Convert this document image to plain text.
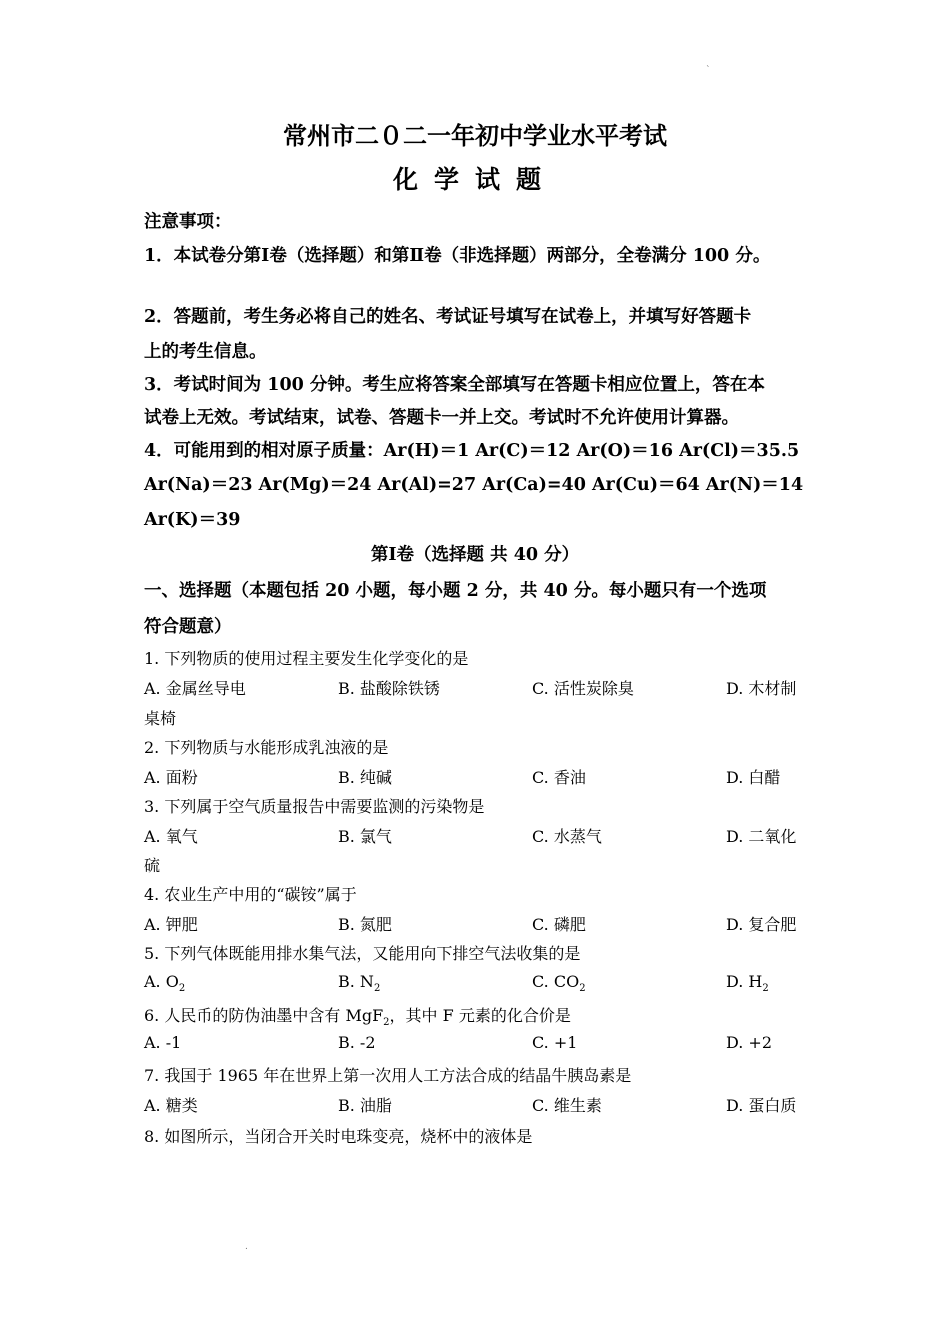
常州市二０二一年初中学业水平考试
化学试题
注意事项：
1．本试卷分第Ⅰ卷（选择题）和第Ⅱ卷（非选择题）两部分，全卷满分 100 分。
2．答题前，考生务必将自己的姓名、考试证号填写在试卷上，并填写好答题卡
上的考生信息。
3．考试时间为 100 分钟。考生应将答案全部填写在答题卡相应位置上，答在本
试卷上无效。考试结束，试卷、答题卡一并上交。考试时不允许使用计算器。
4．可能用到的相对原子质量：Ar(H)＝1 Ar(C)＝12 Ar(O)＝16 Ar(Cl)＝35.5
Ar(Na)＝23 Ar(Mg)＝24 Ar(Al)=27 Ar(Ca)=40 Ar(Cu)＝64 Ar(N)＝14
Ar(K)＝39
第Ⅰ卷（选择题 共 40 分）
一、选择题（本题包括 20 小题，每小题 2 分，共 40 分。每小题只有一个选项
符合题意）
1. 下列物质的使用过程主要发生化学变化的是
A. 金属丝导电	B. 盐酸除铁锈	C. 活性炭除臭	D. 木材制
桌椅
2. 下列物质与水能形成乳浊液的是
A. 面粉	B. 纯碱	C. 香油	D. 白醋
3. 下列属于空气质量报告中需要监测的污染物是
A. 氧气	B. 氯气	C. 水蒸气	D. 二氧化
硫
4. 农业生产中用的“碳铵”属于
A. 钾肥	B. 氮肥	C. 磷肥	D. 复合肥
5. 下列气体既能用排水集气法，又能用向下排空气法收集的是
A. $O_2$	B. $N_2$	C. $CO_2$	D. $H_2$
6. 人民币的防伪油墨中含有 MgF$_2$，其中 F 元素的化合价是
A. -1	B. -2	C. +1	D. +2
7. 我国于 1965 年在世界上第一次用人工方法合成的结晶牛胰岛素是
A. 糖类	B. 油脂	C. 维生素	D. 蛋白质
8. 如图所示，当闭合开关时电珠变亮，烧杯中的液体是
`
.
